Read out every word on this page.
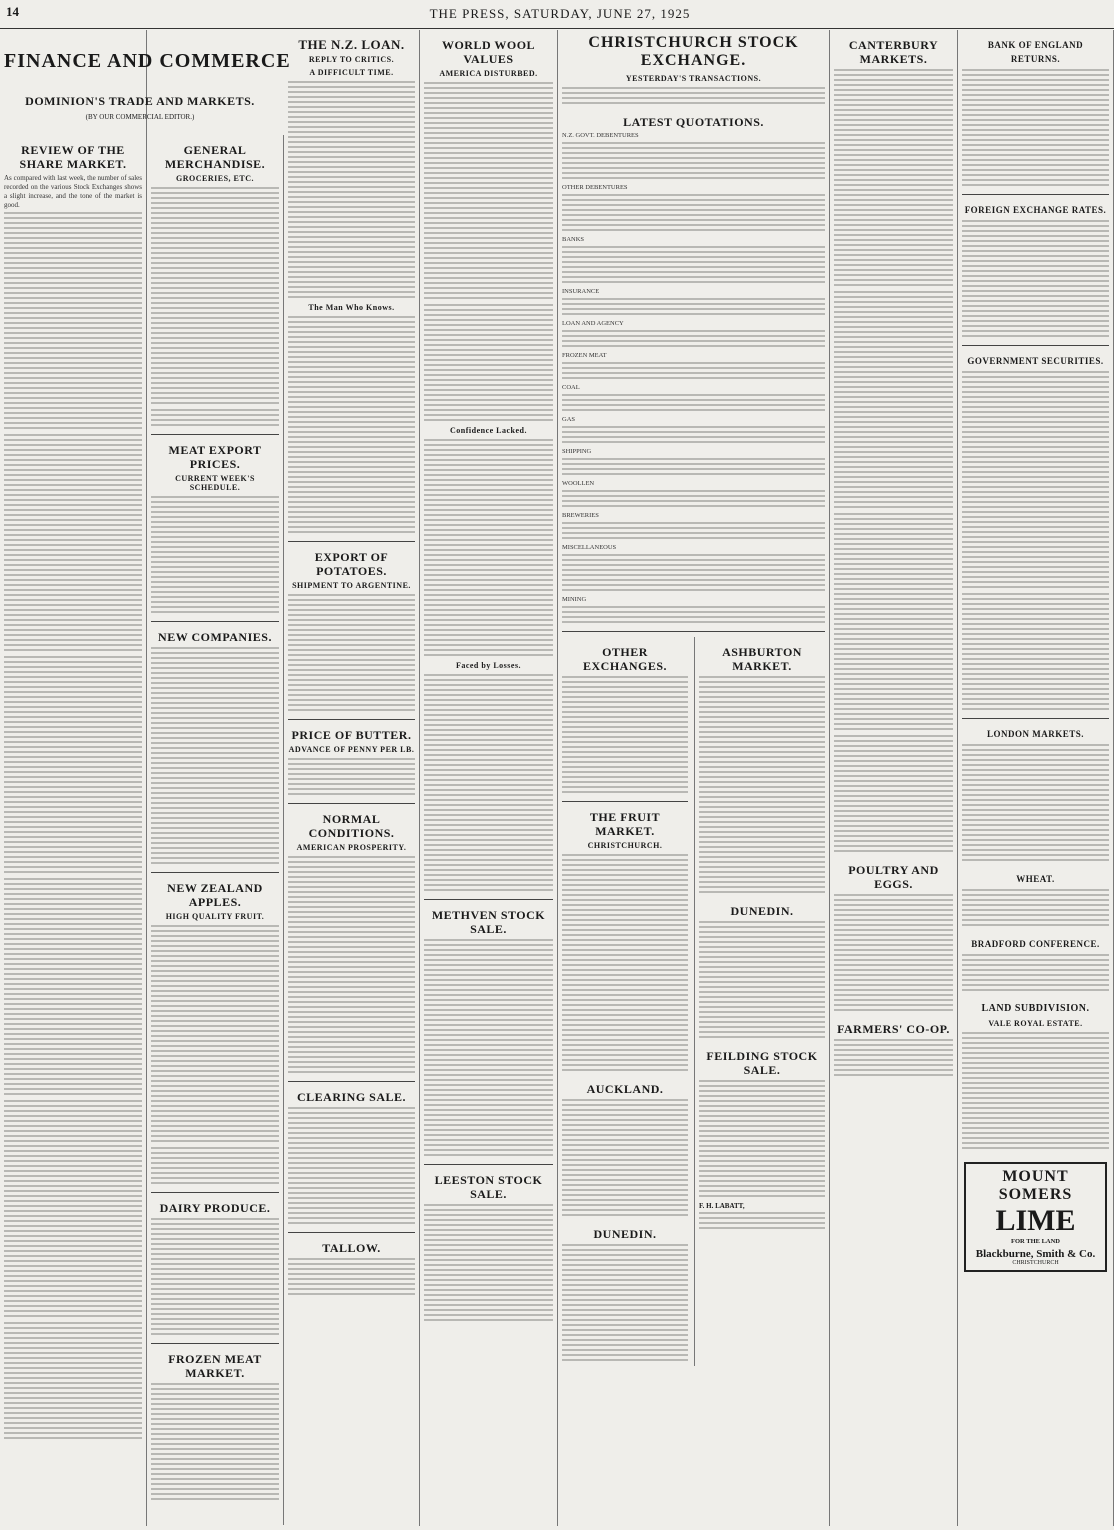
14	THE PRESS, SATURDAY, JUNE 27, 1925
FINANCE AND COMMERCE
DOMINION'S TRADE AND MARKETS.
(BY OUR COMMERCIAL EDITOR.)
REVIEW OF THE SHARE MARKET.

As compared with last week, the number of sales recorded on the various Stock Exchanges shows a slight increase, and the tone of the market is good.

GENERAL MERCHANDISE.
GROCERIES, ETC.
MEAT EXPORT PRICES.
CURRENT WEEK'S SCHEDULE.
NEW COMPANIES.
NEW ZEALAND APPLES.
HIGH QUALITY FRUIT.
DAIRY PRODUCE.
FROZEN MEAT MARKET.
THE N.Z. LOAN.
REPLY TO CRITICS.
A DIFFICULT TIME.
The Man Who Knows.
EXPORT OF POTATOES.
SHIPMENT TO ARGENTINE.
PRICE OF BUTTER.
ADVANCE OF PENNY PER LB.
NORMAL CONDITIONS.
AMERICAN PROSPERITY.
CLEARING SALE.
TALLOW.
WORLD WOOL VALUES
AMERICA DISTURBED.
Confidence Lacked.
Faced by Losses.
METHVEN STOCK SALE.
LEESTON STOCK SALE.
CHRISTCHURCH STOCK EXCHANGE.
YESTERDAY'S TRANSACTIONS.
LATEST QUOTATIONS.
N.Z. GOVT. DEBENTURES
OTHER DEBENTURES
BANKS
INSURANCE
LOAN AND AGENCY
FROZEN MEAT
COAL
GAS
SHIPPING
WOOLLEN
BREWERIES
MISCELLANEOUS
MINING
OTHER EXCHANGES.
THE FRUIT MARKET.
CHRISTCHURCH.
AUCKLAND.
DUNEDIN.
ASHBURTON MARKET.
DUNEDIN.
FEILDING STOCK SALE.
F. H. LABATT,
CANTERBURY MARKETS.
POULTRY AND EGGS.
FARMERS' CO-OP.
BANK OF ENGLAND RETURNS.
FOREIGN EXCHANGE RATES.
GOVERNMENT SECURITIES.
LONDON MARKETS.
WHEAT.
BRADFORD CONFERENCE.
LAND SUBDIVISION.
VALE ROYAL ESTATE.
MOUNT SOMERS
LIME
FOR THE LAND
Blackburne, Smith & Co.
CHRISTCHURCH
